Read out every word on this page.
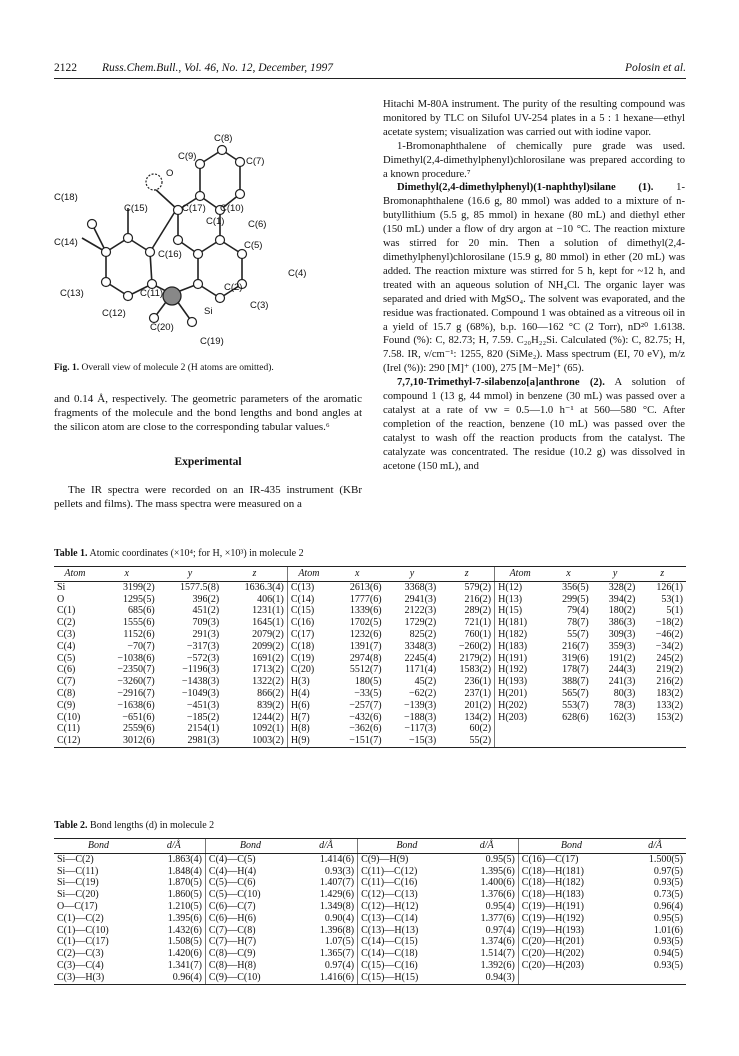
2122 Russ.Chem.Bull., Vol. 46, No. 12, December, 1997	Polosin et al.
C(8)
C(9)	C(7)
O
C(18)
C(15)	C(17) C(10)
C(1) C(6)
C(14)
C(16)
C(5)
C(4)
C(13)	C(11)
C(2)
C(3)
C(12)
C(20)
Si
C(19)
Fig. 1. Overall view of molecule 2 (H atoms are omitted).

and 0.14 Å, respectively. The geometric parameters of the aromatic fragments of the molecule and the bond lengths and bond angles at the silicon atom are close to the corresponding tabular values.⁶

Experimental

The IR spectra were recorded on an IR-435 instrument (KBr pellets and films). The mass spectra were measured on a

Hitachi M-80A instrument. The purity of the resulting compound was monitored by TLC on Silufol UV-254 plates in a 5 : 1 hexane—ethyl acetate system; visualization was carried out with iodine vapor.

1-Bromonaphthalene of chemically pure grade was used. Dimethyl(2,4-dimethylphenyl)chlorosilane was prepared according to a known procedure.⁷

Dimethyl(2,4-dimethylphenyl)(1-naphthyl)silane (1). 1-Bromonaphthalene (16.6 g, 80 mmol) was added to a mixture of n-butyllithium (5.5 g, 85 mmol) in hexane (80 mL) and diethyl ether (150 mL) under a flow of dry argon at −10 °C. The reaction mixture was stirred for 20 min. Then a solution of dimethyl(2,4-dimethylphenyl)chlorosilane (15.9 g, 80 mmol) in ether (20 mL) was added. The reaction mixture was stirred for 5 h, kept for ~12 h, and treated with an aqueous solution of NH₄Cl. The organic layer was separated and dried with MgSO₄. The solvent was evaporated, and the residue was fractionated. Compound 1 was obtained as a vitreous oil in a yield of 15.7 g (68%), b.p. 160—162 °C (2 Torr), nD²⁰ 1.6138. Found (%): C, 82.73; H, 7.59. C₂₀H₂₂Si. Calculated (%): C, 82.75; H, 7.58. IR, ν/cm⁻¹: 1255, 820 (SiMe₂). Mass spectrum (EI, 70 eV), m/z (Irel (%)): 290 [M]⁺ (100), 275 [M−Me]⁺ (65).

7,7,10-Trimethyl-7-silabenzo[a]anthrone (2). A solution of compound 1 (13 g, 44 mmol) in benzene (30 mL) was passed over a catalyst at a rate of vw = 0.5—1.0 h⁻¹ at 560—580 °C. After completion of the reaction, benzene (10 mL) was passed over the catalyst to wash off the reaction products from the catalyst. The catalyzate was concentrated. The residue (10.2 g) was dissolved in acetone (150 mL), and

Table 1. Atomic coordinates (×10⁴; for H, ×10³) in molecule 2
Atom	x	y	z	Atom	x	y	z	Atom	x	y	z
Si	3199(2)	1577.5(8)	1636.3(4)	C(13)	2613(6)	3368(3)	579(2)	H(12)	356(5)	328(2)	126(1)
O	1295(5)	396(2)	406(1)	C(14)	1777(6)	2941(3)	216(2)	H(13)	299(5)	394(2)	53(1)
C(1)	685(6)	451(2)	1231(1)	C(15)	1339(6)	2122(3)	289(2)	H(15)	79(4)	180(2)	5(1)
C(2)	1555(6)	709(3)	1645(1)	C(16)	1702(5)	1729(2)	721(1)	H(181)	78(7)	386(3)	−18(2)
C(3)	1152(6)	291(3)	2079(2)	C(17)	1232(6)	825(2)	760(1)	H(182)	55(7)	309(3)	−46(2)
C(4)	−70(7)	−317(3)	2099(2)	C(18)	1391(7)	3348(3)	−260(2)	H(183)	216(7)	359(3)	−34(2)
C(5)	−1038(6)	−572(3)	1691(2)	C(19)	2974(8)	2245(4)	2179(2)	H(191)	319(6)	191(2)	245(2)
C(6)	−2350(7)	−1196(3)	1713(2)	C(20)	5512(7)	1171(4)	1583(2)	H(192)	178(7)	244(3)	219(2)
C(7)	−3260(7)	−1438(3)	1322(2)	H(3)	180(5)	45(2)	236(1)	H(193)	388(7)	241(3)	216(2)
C(8)	−2916(7)	−1049(3)	866(2)	H(4)	−33(5)	−62(2)	237(1)	H(201)	565(7)	80(3)	183(2)
C(9)	−1638(6)	−451(3)	839(2)	H(6)	−257(7)	−139(3)	201(2)	H(202)	553(7)	78(3)	133(2)
C(10)	−651(6)	−185(2)	1244(2)	H(7)	−432(6)	−188(3)	134(2)	H(203)	628(6)	162(3)	153(2)
C(11)	2559(6)	2154(1)	1092(1)	H(8)	−362(6)	−117(3)	60(2)				
C(12)	3012(6)	2981(3)	1003(2)	H(9)	−151(7)	−15(3)	55(2)				
Table 2. Bond lengths (d) in molecule 2
Bond	d/Å	Bond	d/Å	Bond	d/Å	Bond	d/Å
Si—C(2)	1.863(4)	C(4)—C(5)	1.414(6)	C(9)—H(9)	0.95(5)	C(16)—C(17)	1.500(5)
Si—C(11)	1.848(4)	C(4)—H(4)	0.93(3)	C(11)—C(12)	1.395(6)	C(18)—H(181)	0.97(5)
Si—C(19)	1.870(5)	C(5)—C(6)	1.407(7)	C(11)—C(16)	1.400(6)	C(18)—H(182)	0.93(5)
Si—C(20)	1.860(5)	C(5)—C(10)	1.429(6)	C(12)—C(13)	1.376(6)	C(18)—H(183)	0.73(5)
O—C(17)	1.210(5)	C(6)—C(7)	1.349(8)	C(12)—H(12)	0.95(4)	C(19)—H(191)	0.96(4)
C(1)—C(2)	1.395(6)	C(6)—H(6)	0.90(4)	C(13)—C(14)	1.377(6)	C(19)—H(192)	0.95(5)
C(1)—C(10)	1.432(6)	C(7)—C(8)	1.396(8)	C(13)—H(13)	0.97(4)	C(19)—H(193)	1.01(6)
C(1)—C(17)	1.508(5)	C(7)—H(7)	1.07(5)	C(14)—C(15)	1.374(6)	C(20)—H(201)	0.93(5)
C(2)—C(3)	1.420(6)	C(8)—C(9)	1.365(7)	C(14)—C(18)	1.514(7)	C(20)—H(202)	0.94(5)
C(3)—C(4)	1.341(7)	C(8)—H(8)	0.97(4)	C(15)—C(16)	1.392(6)	C(20)—H(203)	0.93(5)
C(3)—H(3)	0.96(4)	C(9)—C(10)	1.416(6)	C(15)—H(15)	0.94(3)		
